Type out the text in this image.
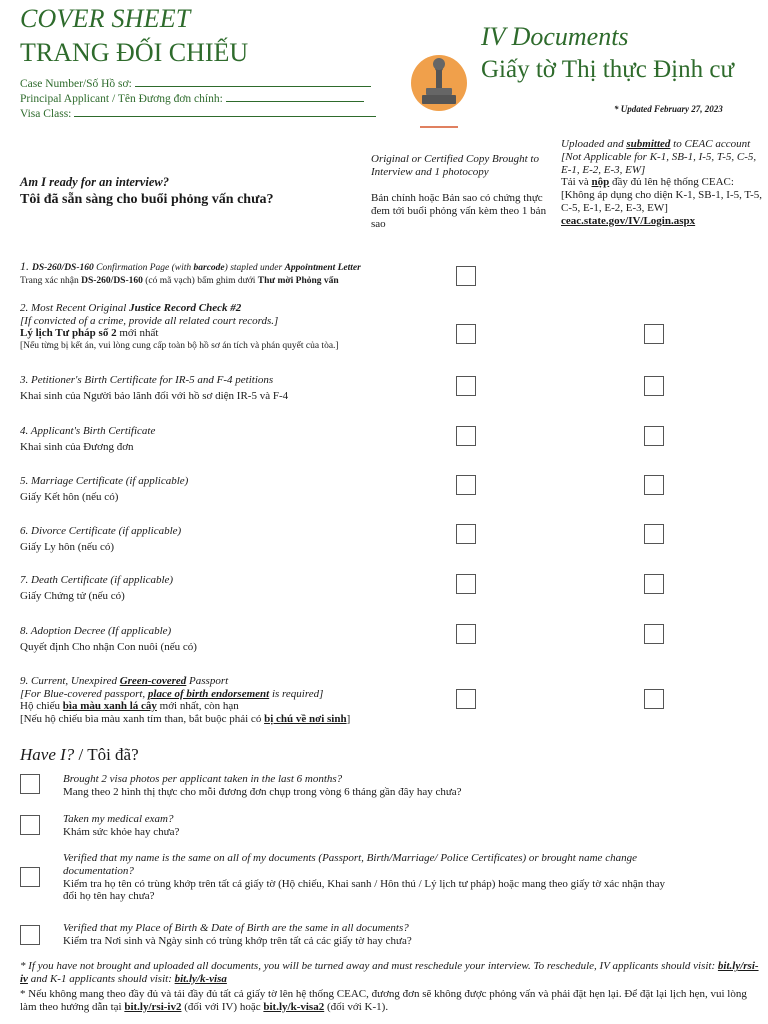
COVER SHEET
TRANG ĐỐI CHIẾU
Case Number/Số Hồ sơ:
Principal Applicant / Tên Đương đơn chính:
Visa Class:
IV Documents
Giấy tờ Thị thực Định cư
* Updated February 27, 2023
Am I ready for an interview?
Tôi đã sẵn sàng cho buổi phỏng vấn chưa?
Original or Certified Copy Brought to Interview and 1 photocopy
Bản chính hoặc Bản sao có chứng thực đem tới buổi phỏng vấn kèm theo 1 bản sao
Uploaded and submitted to CEAC account
[Not Applicable for K-1, SB-1, I-5, T-5, C-5, E-1, E-2, E-3, EW]
Tải và nộp đầy đủ lên hệ thống CEAC:
[Không áp dụng cho diện K-1, SB-1, I-5, T-5, C-5, E-1, E-2, E-3, EW]
ceac.state.gov/IV/Login.aspx
1. DS-260/DS-160 Confirmation Page (with barcode) stapled under Appointment Letter
Trang xác nhận DS-260/DS-160 (có mã vạch) bấm ghim dưới Thư mời Phỏng vấn
2. Most Recent Original Justice Record Check #2
[If convicted of a crime, provide all related court records.]
Lý lịch Tư pháp số 2 mới nhất
[Nếu từng bị kết án, vui lòng cung cấp toàn bộ hồ sơ án tích và phán quyết của tòa.]
3. Petitioner's Birth Certificate for IR-5 and F-4 petitions
Khai sinh của Người bảo lãnh đối với hồ sơ diện IR-5 và F-4
4. Applicant's Birth Certificate
Khai sinh của Đương đơn
5. Marriage Certificate (if applicable)
Giấy Kết hôn (nếu có)
6. Divorce Certificate (if applicable)
Giấy Ly hôn (nếu có)
7. Death Certificate (if applicable)
Giấy Chứng tử (nếu có)
8. Adoption Decree (If applicable)
Quyết định Cho nhận Con nuôi (nếu có)
9. Current, Unexpired Green-covered Passport
[For Blue-covered passport, place of birth endorsement is required]
Hộ chiếu bìa màu xanh lá cây mới nhất, còn hạn
[Nếu hộ chiếu bìa màu xanh tím than, bắt buộc phải có bị chú về nơi sinh]
Have I? / Tôi đã?
Brought 2 visa photos per applicant taken in the last 6 months?
Mang theo 2 hình thị thực cho mỗi đương đơn chụp trong vòng 6 tháng gần đây hay chưa?
Taken my medical exam?
Khám sức khỏe hay chưa?
Verified that my name is the same on all of my documents (Passport, Birth/Marriage/ Police Certificates) or brought name change documentation?
Kiểm tra họ tên có trùng khớp trên tất cả giấy tờ (Hộ chiếu, Khai sanh / Hôn thú / Lý lịch tư pháp) hoặc mang theo giấy tờ xác nhận thay đổi họ tên hay chưa?
Verified that my Place of Birth & Date of Birth are the same in all documents?
Kiểm tra Nơi sinh và Ngày sinh có trùng khớp trên tất cả các giấy tờ hay chưa?
* If you have not brought and uploaded all documents, you will be turned away and must reschedule your interview. To reschedule, IV applicants should visit: bit.ly/rsi-iv and K-1 applicants should visit: bit.ly/k-visa
* Nếu không mang theo đầy đủ và tải đầy đủ tất cả giấy tờ lên hệ thống CEAC, đương đơn sẽ không được phỏng vấn và phải đặt hẹn lại. Để đặt lại lịch hẹn, vui lòng làm theo hướng dẫn tại bit.ly/rsi-iv2 (đối với IV) hoặc bit.ly/k-visa2 (đối với K-1).
